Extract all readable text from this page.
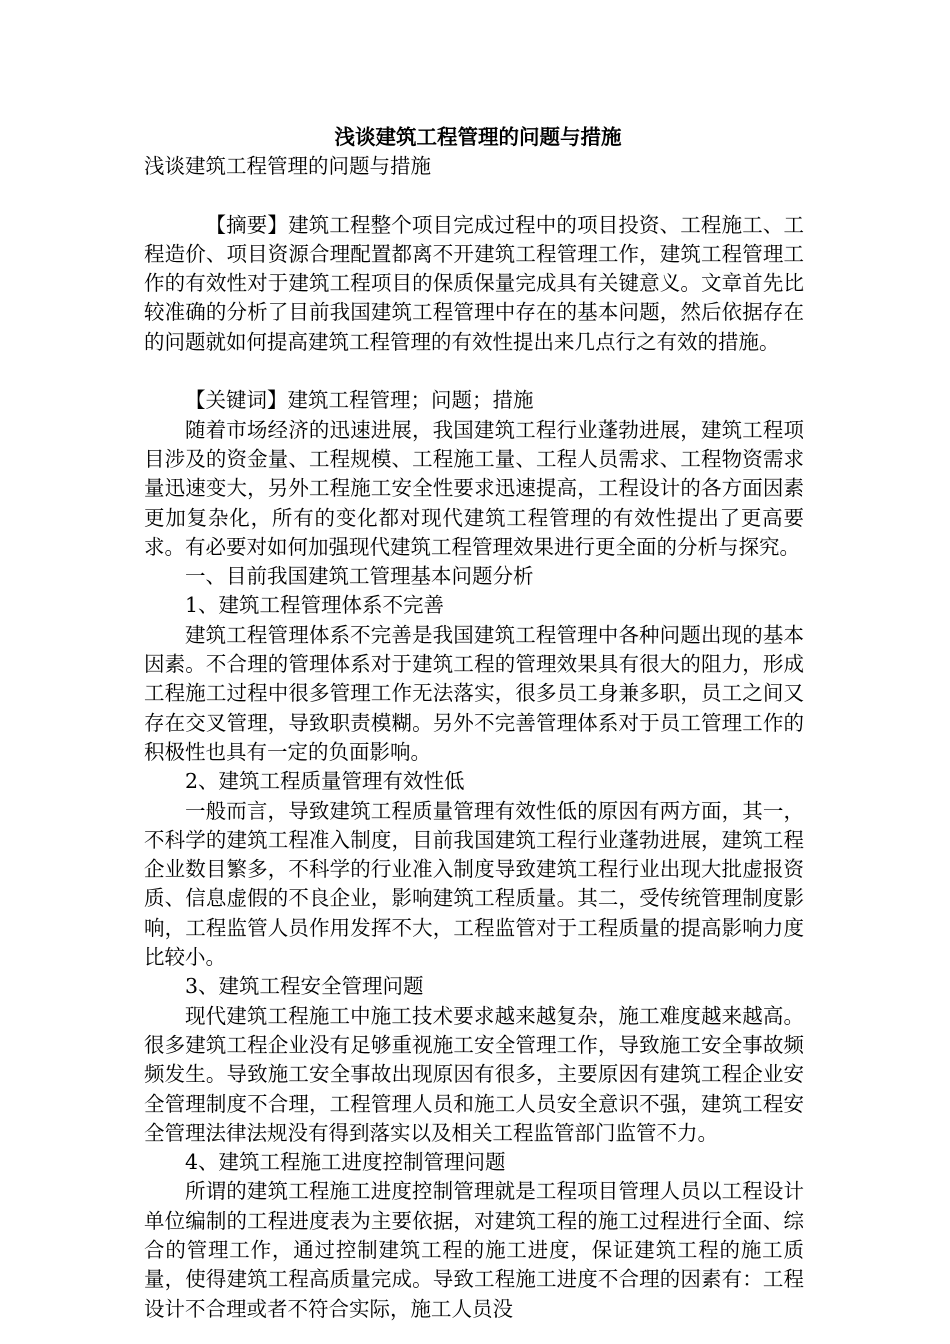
浅谈建筑工程管理的问题与措施

浅谈建筑工程管理的问题与措施

【摘要】建筑工程整个项目完成过程中的项目投资、工程施工、工程造价、项目资源合理配置都离不开建筑工程管理工作，建筑工程管理工作的有效性对于建筑工程项目的保质保量完成具有关键意义。文章首先比较准确的分析了目前我国建筑工程管理中存在的基本问题，然后依据存在的问题就如何提高建筑工程管理的有效性提出来几点行之有效的措施。

【关键词】建筑工程管理；问题；措施

随着市场经济的迅速进展，我国建筑工程行业蓬勃进展，建筑工程项目涉及的资金量、工程规模、工程施工量、工程人员需求、工程物资需求量迅速变大，另外工程施工安全性要求迅速提高，工程设计的各方面因素更加复杂化，所有的变化都对现代建筑工程管理的有效性提出了更高要求。有必要对如何加强现代建筑工程管理效果进行更全面的分析与探究。

一、目前我国建筑工管理基本问题分析

1、建筑工程管理体系不完善

建筑工程管理体系不完善是我国建筑工程管理中各种问题出现的基本因素。不合理的管理体系对于建筑工程的管理效果具有很大的阻力，形成工程施工过程中很多管理工作无法落实，很多员工身兼多职，员工之间又存在交叉管理，导致职责模糊。另外不完善管理体系对于员工管理工作的积极性也具有一定的负面影响。

2、建筑工程质量管理有效性低

一般而言，导致建筑工程质量管理有效性低的原因有两方面，其一，不科学的建筑工程准入制度，目前我国建筑工程行业蓬勃进展，建筑工程企业数目繁多，不科学的行业准入制度导致建筑工程行业出现大批虚报资质、信息虚假的不良企业，影响建筑工程质量。其二，受传统管理制度影响，工程监管人员作用发挥不大，工程监管对于工程质量的提高影响力度比较小。

3、建筑工程安全管理问题

现代建筑工程施工中施工技术要求越来越复杂，施工难度越来越高。很多建筑工程企业没有足够重视施工安全管理工作，导致施工安全事故频频发生。导致施工安全事故出现原因有很多，主要原因有建筑工程企业安全管理制度不合理，工程管理人员和施工人员安全意识不强，建筑工程安全管理法律法规没有得到落实以及相关工程监管部门监管不力。

4、建筑工程施工进度控制管理问题

所谓的建筑工程施工进度控制管理就是工程项目管理人员以工程设计单位编制的工程进度表为主要依据，对建筑工程的施工过程进行全面、综合的管理工作，通过控制建筑工程的施工进度，保证建筑工程的施工质量，使得建筑工程高质量完成。导致工程施工进度不合理的因素有：工程设计不合理或者不符合实际，施工人员没
